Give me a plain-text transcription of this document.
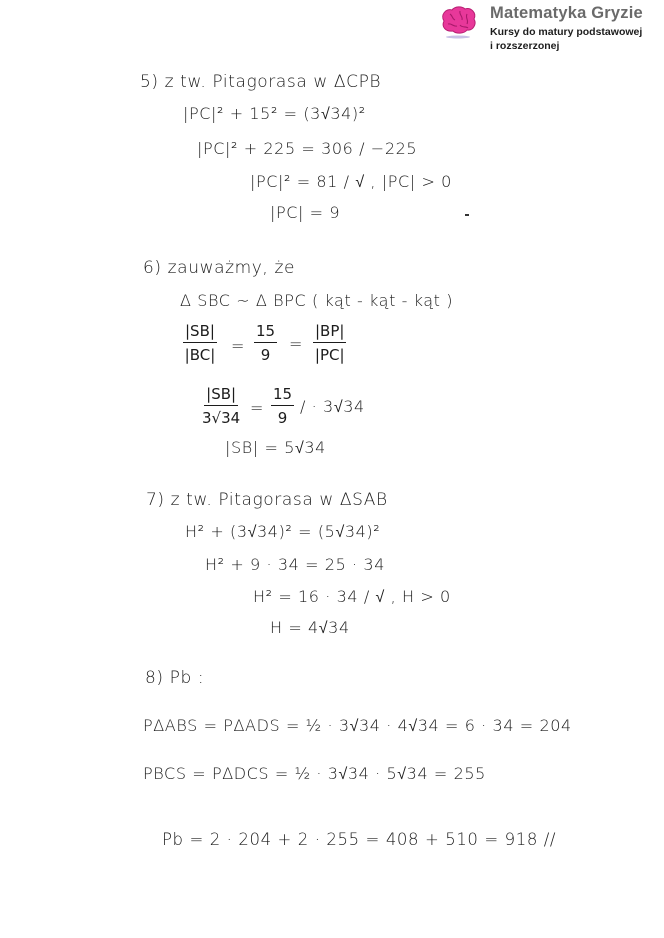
Matematyka Gryzie
Kursy do matury podstawowej
i rozszerzonej
5) z tw. Pitagorasa w ΔCPB
|PC|² + 15² = (3√34)²
|PC|² + 225 = 306 / −225
|PC|² = 81 / √ , |PC| > 0
|PC| = 9
6) zauważmy, że
Δ SBC ~ Δ BPC ( kąt - kąt - kąt )
$\frac{|SB|}{|BC|} = \frac{15}{9} = \frac{|BP|}{|PC|}$
$\frac{|SB|}{3√34} = \frac{15}{9}$ / · 3√34
|SB| = 5√34
7) z tw. Pitagorasa w ΔSAB
H² + (3√34)² = (5√34)²
H² + 9 · 34 = 25 · 34
H² = 16 · 34 / √ , H > 0
H = 4√34
8) Pb :
PΔABS = PΔADS = ½ · 3√34 · 4√34 = 6 · 34 = 204
PBCS = PΔDCS = ½ · 3√34 · 5√34 = 255
Pb = 2 · 204 + 2 · 255 = 408 + 510 = 918 //
